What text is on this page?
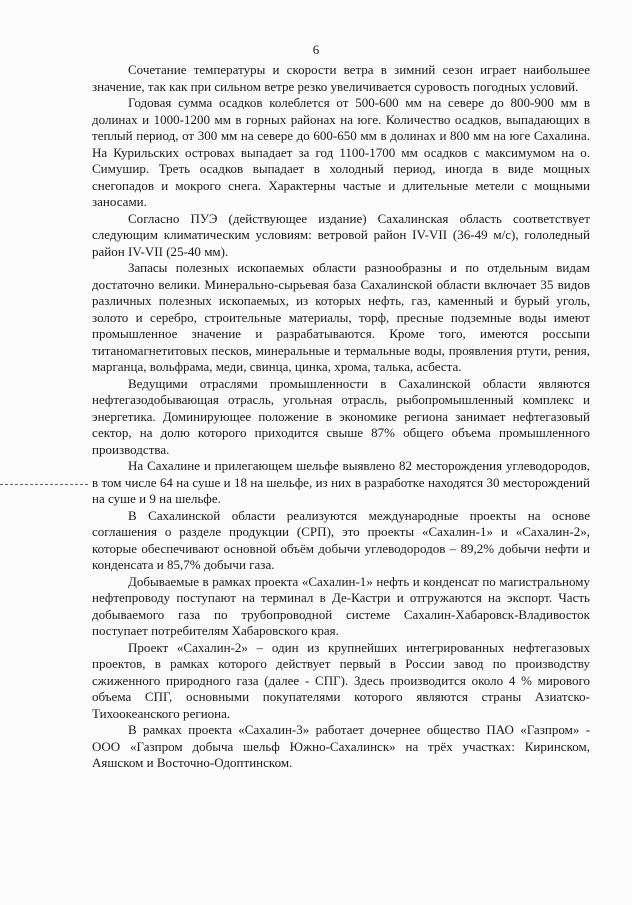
6

Сочетание температуры и скорости ветра в зимний сезон играет наибольшее значение, так как при сильном ветре резко увеличивается суровость погодных условий.

Годовая сумма осадков колеблется от 500-600 мм на севере до 800-900 мм в долинах и 1000-1200 мм в горных районах на юге. Количество осадков, выпадающих в теплый период, от 300 мм на севере до 600-650 мм в долинах и 800 мм на юге Сахалина. На Курильских островах выпадает за год 1100-1700 мм осадков с максимумом на о. Симушир. Треть осадков выпадает в холодный период, иногда в виде мощных снегопадов и мокрого снега. Характерны частые и длительные метели с мощными заносами.

Согласно ПУЭ (действующее издание) Сахалинская область соответствует следующим климатическим условиям: ветровой район IV-VII (36-49 м/с), гололедный район IV-VII (25-40 мм).

Запасы полезных ископаемых области разнообразны и по отдельным видам достаточно велики. Минерально-сырьевая база Сахалинской области включает 35 видов различных полезных ископаемых, из которых нефть, газ, каменный и бурый уголь, золото и серебро, строительные материалы, торф, пресные подземные воды имеют промышленное значение и разрабатываются. Кроме того, имеются россыпи титаномагнетитовых песков, минеральные и термальные воды, проявления ртути, рения, марганца, вольфрама, меди, свинца, цинка, хрома, талька, асбеста.

Ведущими отраслями промышленности в Сахалинской области являются нефтегазодобывающая отрасль, угольная отрасль, рыбопромышленный комплекс и энергетика. Доминирующее положение в экономике региона занимает нефтегазовый сектор, на долю которого приходится свыше 87% общего объема промышленного производства.

На Сахалине и прилегающем шельфе выявлено 82 месторождения углеводородов, в том числе 64 на суше и 18 на шельфе, из них в разработке находятся 30 месторождений на суше и 9 на шельфе.

В Сахалинской области реализуются международные проекты на основе соглашения о разделе продукции (СРП), это проекты «Сахалин-1» и «Сахалин-2», которые обеспечивают основной объём добычи углеводородов – 89,2% добычи нефти и конденсата и 85,7% добычи газа.

Добываемые в рамках проекта «Сахалин-1» нефть и конденсат по магистральному нефтепроводу поступают на терминал в Де-Кастри и отгружаются на экспорт. Часть добываемого газа по трубопроводной системе Сахалин-Хабаровск-Владивосток поступает потребителям Хабаровского края.

Проект «Сахалин-2» – один из крупнейших интегрированных нефтегазовых проектов, в рамках которого действует первый в России завод по производству сжиженного природного газа (далее - СПГ). Здесь производится около 4 % мирового объема СПГ, основными покупателями которого являются страны Азиатско-Тихоокеанского региона.

В рамках проекта «Сахалин-3» работает дочернее общество ПАО «Газпром» - ООО «Газпром добыча шельф Южно-Сахалинск» на трёх участках: Киринском, Аяшском и Восточно-Одоптинском.
